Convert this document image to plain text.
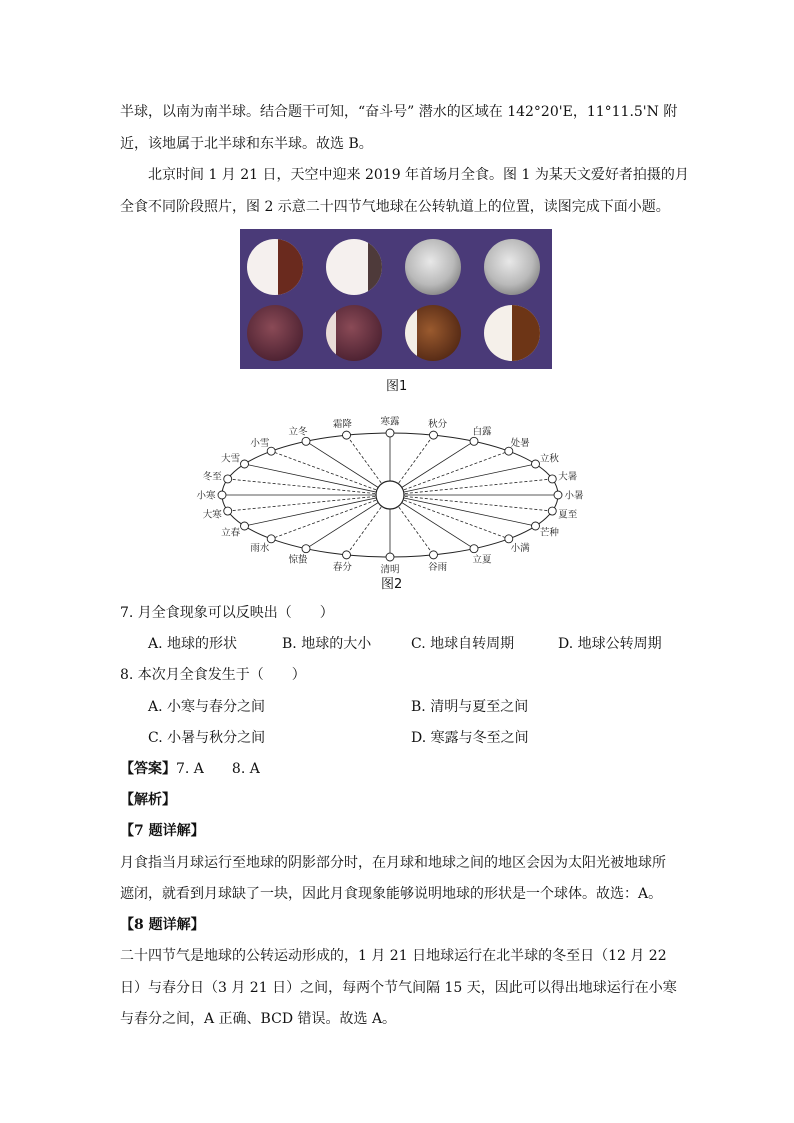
半球，以南为南半球。结合题干可知，“奋斗号” 潜水的区域在 142°20'E，11°11.5'N 附
近，该地属于北半球和东半球。故选 B。
北京时间 1 月 21 日，天空中迎来 2019 年首场月全食。图 1 为某天文爱好者拍摄的月
全食不同阶段照片，图 2 示意二十四节气地球在公转轨道上的位置，读图完成下面小题。
图1
小暑
大暑
立秋
处暑
白露
秋分
寒露
霜降
立冬
小雪
大雪
冬至
小寒
大寒
立春
雨水
惊蛰
春分	清明	谷雨
立夏
小满
芒种
夏至
图2
7. 月全食现象可以反映出（　　）
A. 地球的形状	B. 地球的大小	C. 地球自转周期	D. 地球公转周期
8. 本次月全食发生于（　　）
A. 小寒与春分之间	B. 清明与夏至之间
C. 小暑与秋分之间	D. 寒露与冬至之间
【答案】7. A　　8. A
【解析】
【7 题详解】
月食指当月球运行至地球的阴影部分时，在月球和地球之间的地区会因为太阳光被地球所
遮闭，就看到月球缺了一块，因此月食现象能够说明地球的形状是一个球体。故选：A。
【8 题详解】
二十四节气是地球的公转运动形成的，1 月 21 日地球运行在北半球的冬至日（12 月 22
日）与春分日（3 月 21 日）之间，每两个节气间隔 15 天，因此可以得出地球运行在小寒
与春分之间，A 正确、BCD 错误。故选 A。
